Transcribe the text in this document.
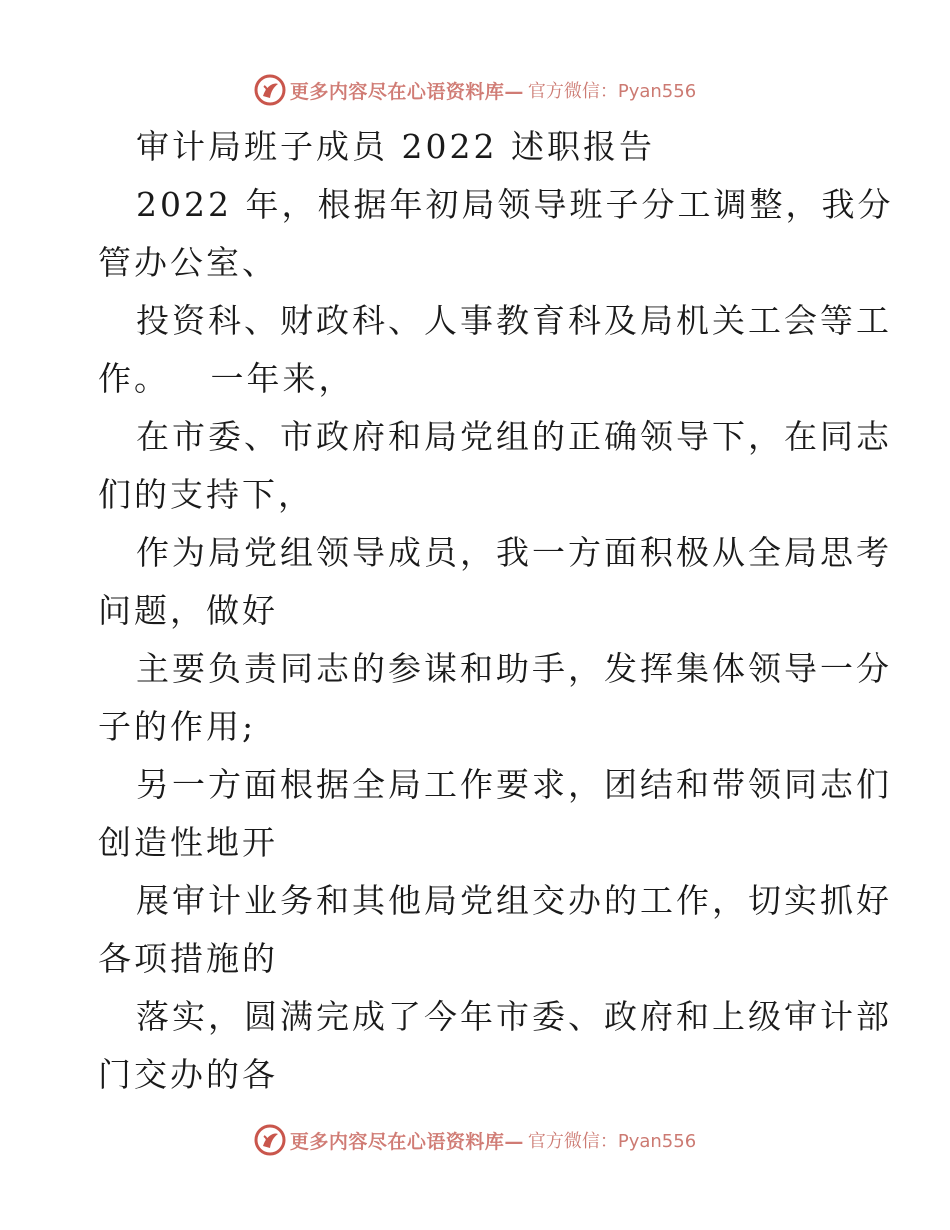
更多内容尽在心语资料库— 官方微信：Pyan556
审计局班子成员 2022 述职报告
2022 年，根据年初局领导班子分工调整，我分
管办公室、
投资科、财政科、人事教育科及局机关工会等工
作。   一年来，
在市委、市政府和局党组的正确领导下，在同志
们的支持下，
作为局党组领导成员，我一方面积极从全局思考
问题，做好
主要负责同志的参谋和助手，发挥集体领导一分
子的作用;
另一方面根据全局工作要求，团结和带领同志们
创造性地开
展审计业务和其他局党组交办的工作，切实抓好
各项措施的
落实，圆满完成了今年市委、政府和上级审计部
门交办的各
更多内容尽在心语资料库— 官方微信：Pyan556
